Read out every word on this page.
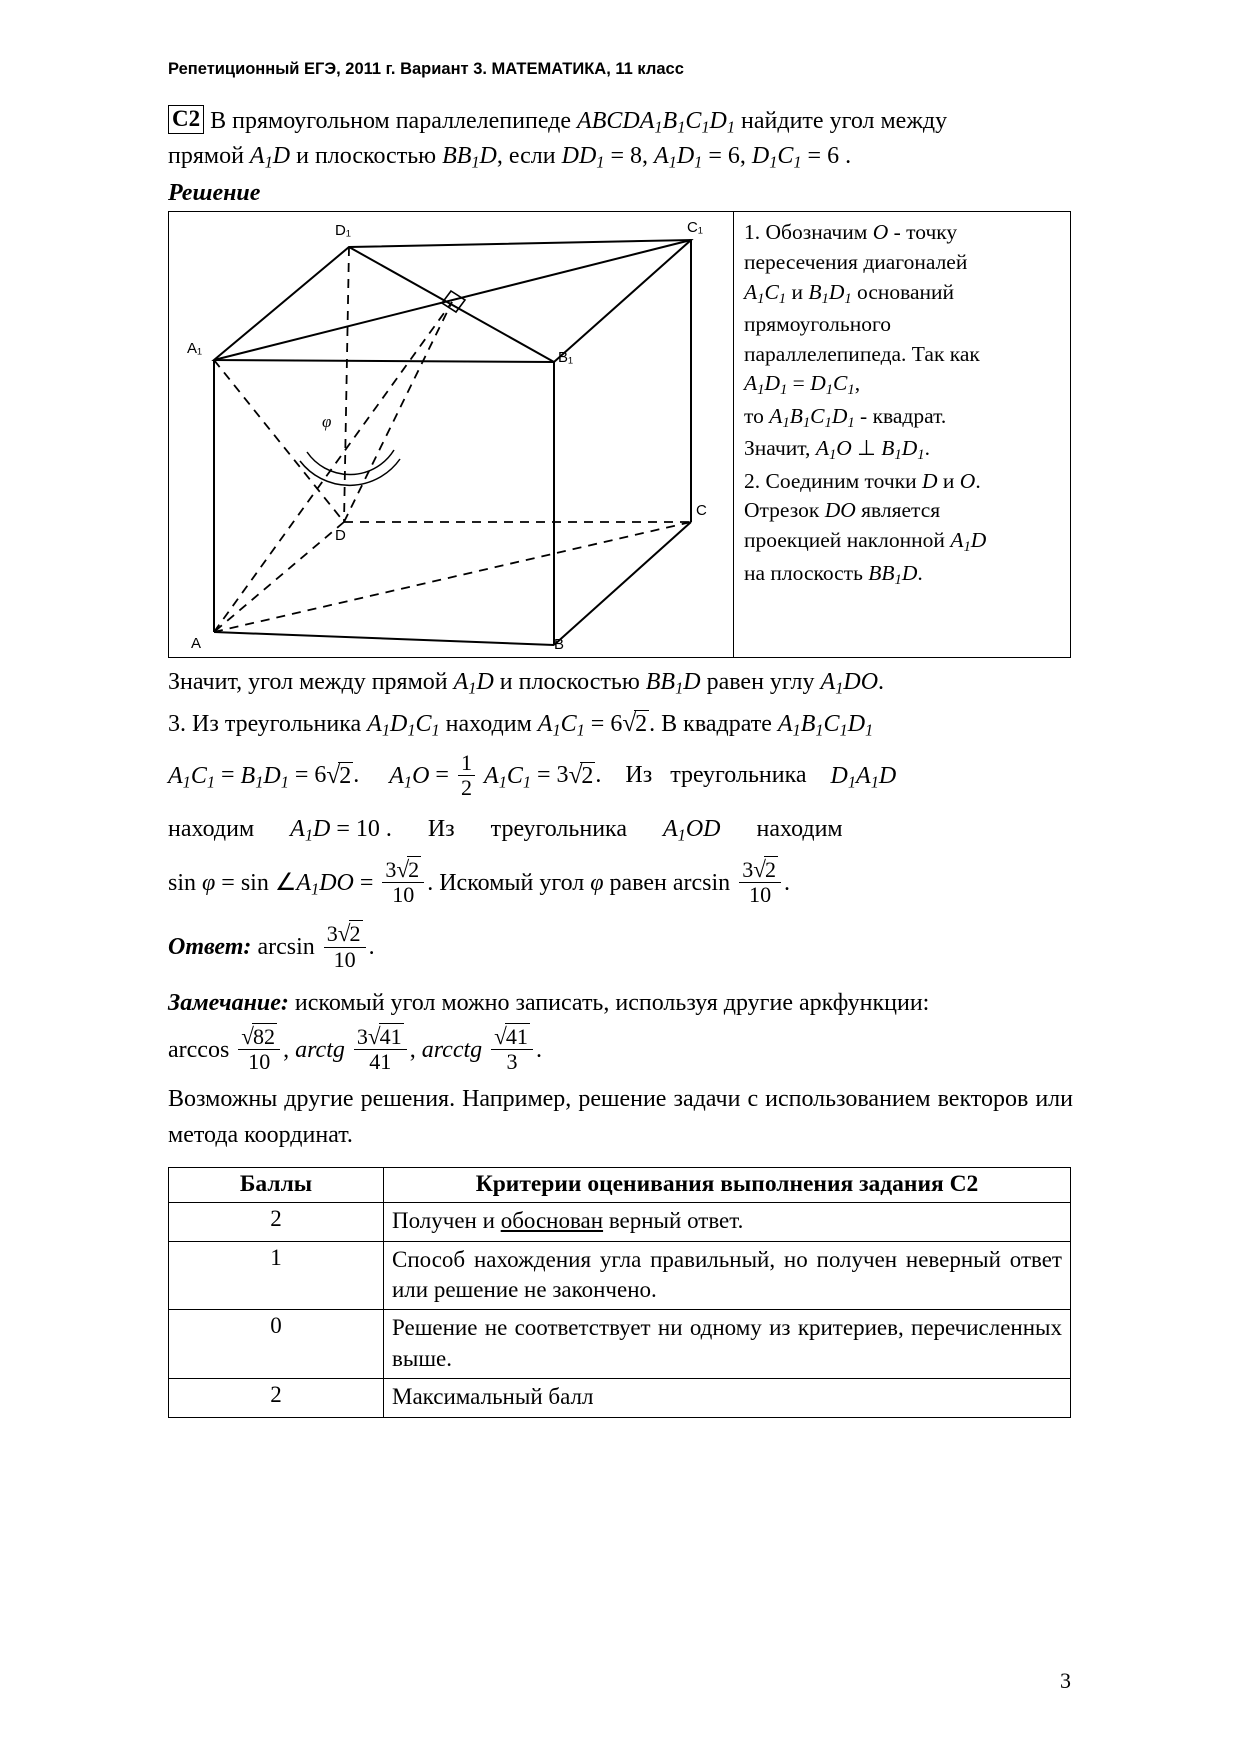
Репетиционный ЕГЭ, 2011 г. Вариант 3. МАТЕМАТИКА, 11 класс
C2 В прямоугольном параллелепипеде $ABCDA_1B_1C_1D_1$ найдите угол между
прямой $A_1D$ и плоскостью $BB_1D$, если $DD_1 = 8$, $A_1D_1 = 6$, $D_1C_1 = 6$ .
Решение
D₁	C₁
A₁
B₁
D
C
A	B
φ

1. Обозначим O - точку

пересечения диагоналей

$A_1C_1$ и $B_1D_1$ оснований

прямоугольного

параллелепипеда. Так как

$A_1D_1 = D_1C_1$,

то $A_1B_1C_1D_1$ - квадрат.

Значит, $A_1O$ ⊥ $B_1D_1$.

2. Соединим точки D и O.

Отрезок DO является

проекцией наклонной $A_1D$

на плоскость $BB_1D$.

Значит, угол между прямой $A_1D$ и плоскостью $BB_1D$ равен углу $A_1DO$.
3. Из треугольника $A_1D_1C_1$ находим $A_1C_1 = 6√2$. В квадрате $A_1B_1C_1D_1$
$A_1C_1 = B_1D_1 = 6√2$.     $A_1O = \frac{1}{2} A_1C_1 = 3√2$.    Из   треугольника    $D_1A_1D$
находим      $A_1D = 10$ .      Из      треугольника      $A_1OD$      находим
$\sin \varphi = \sin \angle A_1DO = \frac{3√2}{10}$ . Искомый угол φ равен $\arcsin \frac{3√2}{10}$ .
Ответ: $\arcsin \frac{3√2}{10}$ .
Замечание: искомый угол можно записать, используя другие аркфункции:
$\arccos \frac{√82}{10}$ , arctg $\frac{3√41}{41}$ , arcctg $\frac{√41}{3}$ .
Возможны другие решения. Например, решение задачи с использованием векторов или метода координат.
Баллы	Критерии оценивания выполнения задания С2
2	Получен и обоснован верный ответ.
1	Способ нахождения угла правильный, но получен неверный ответ или решение не закончено.
0	Решение не соответствует ни одному из критериев, перечисленных выше.
2	Максимальный балл
3
